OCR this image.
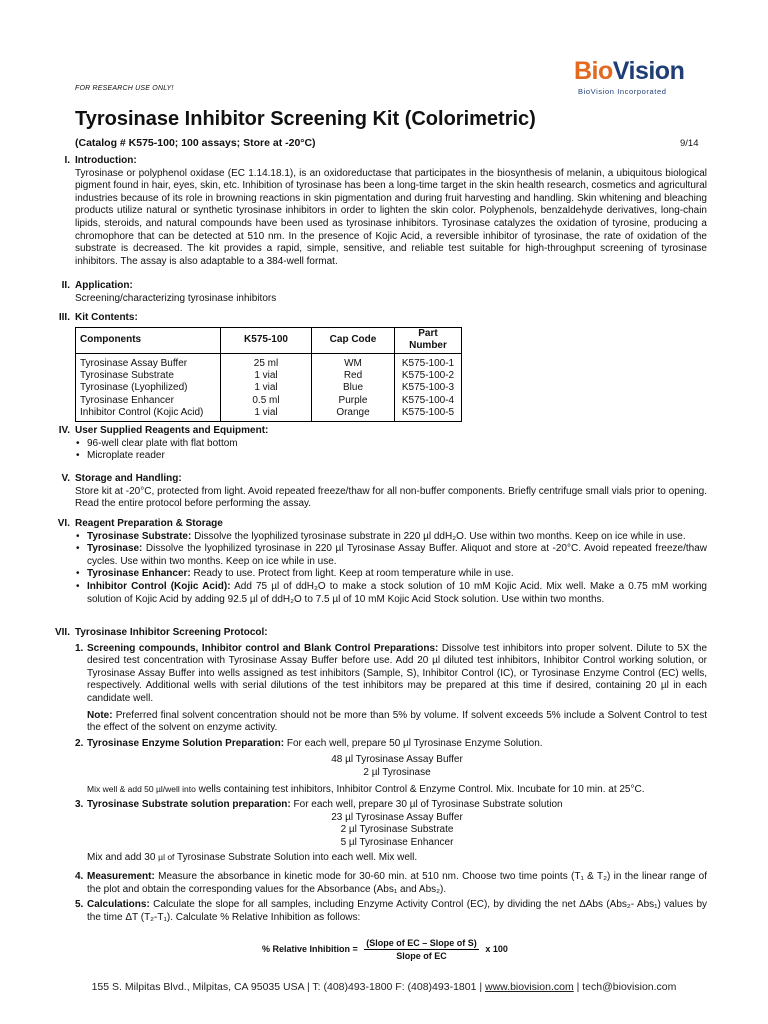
FOR RESEARCH USE ONLY!
BioVision
BioVision Incorporated
Tyrosinase Inhibitor Screening Kit (Colorimetric)
(Catalog # K575-100; 100 assays; Store at -20°C)	9/14
I. Introduction:
Tyrosinase or polyphenol oxidase (EC 1.14.18.1), is an oxidoreductase that participates in the biosynthesis of melanin, a ubiquitous biological pigment found in hair, eyes, skin, etc. Inhibition of tyrosinase has been a long-time target in the skin health research, cosmetics and agricultural industries because of its role in browning reactions in skin pigmentation and during fruit harvesting and handling. Skin whitening and bleaching products utilize natural or synthetic tyrosinase inhibitors in order to lighten the skin color. Polyphenols, benzaldehyde derivatives, long-chain lipids, steroids, and natural compounds have been used as tyrosinase inhibitors. Tyrosinase catalyzes the oxidation of tyrosine, producing a chromophore that can be detected at 510 nm. In the presence of Kojic Acid, a reversible inhibitor of tyrosinase, the rate of oxidation of the substrate is decreased. The kit provides a rapid, simple, sensitive, and reliable test suitable for high-throughput screening of tyrosinase inhibitors. The assay is also adaptable to a 384-well format.
II. Application:
Screening/characterizing tyrosinase inhibitors
III. Kit Contents:
Components	K575-100	Cap Code	Part Number
Tyrosinase Assay Buffer	25 ml	WM	K575-100-1
Tyrosinase Substrate	1 vial	Red	K575-100-2
Tyrosinase (Lyophilized)	1 vial	Blue	K575-100-3
Tyrosinase Enhancer	0.5 ml	Purple	K575-100-4
Inhibitor Control (Kojic Acid)	1 vial	Orange	K575-100-5
IV. User Supplied Reagents and Equipment:
• 96-well clear plate with flat bottom
• Microplate reader
V. Storage and Handling:
Store kit at -20°C, protected from light. Avoid repeated freeze/thaw for all non-buffer components. Briefly centrifuge small vials prior to opening. Read the entire protocol before performing the assay.
VI. Reagent Preparation & Storage
• Tyrosinase Substrate: Dissolve the lyophilized tyrosinase substrate in 220 µl ddH₂O. Use within two months. Keep on ice while in use.
• Tyrosinase: Dissolve the lyophilized tyrosinase in 220 µl Tyrosinase Assay Buffer. Aliquot and store at -20°C. Avoid repeated freeze/thaw cycles. Use within two months. Keep on ice while in use.
• Tyrosinase Enhancer: Ready to use. Protect from light. Keep at room temperature while in use.
• Inhibitor Control (Kojic Acid): Add 75 µl of ddH₂O to make a stock solution of 10 mM Kojic Acid. Mix well. Make a 0.75 mM working solution of Kojic Acid by adding 92.5 µl of ddH₂O to 7.5 µl of 10 mM Kojic Acid Stock solution. Use within two months.
VII. Tyrosinase Inhibitor Screening Protocol:
1. Screening compounds, Inhibitor control and Blank Control Preparations: Dissolve test inhibitors into proper solvent. Dilute to 5X the desired test concentration with Tyrosinase Assay Buffer before use. Add 20 µl diluted test inhibitors, Inhibitor Control working solution, or Tyrosinase Assay Buffer into wells assigned as test inhibitors (Sample, S), Inhibitor Control (IC), or Tyrosinase Enzyme Control (EC) wells, respectively. Additional wells with serial dilutions of the test inhibitors may be prepared at this time if desired, containing 20 µl in each candidate well.
Note: Preferred final solvent concentration should not be more than 5% by volume. If solvent exceeds 5% include a Solvent Control to test the effect of the solvent on enzyme activity.
2. Tyrosinase Enzyme Solution Preparation: For each well, prepare 50 µl Tyrosinase Enzyme Solution.
48 µl Tyrosinase Assay Buffer
2 µl Tyrosinase
Mix well & add 50 µl/well into wells containing test inhibitors, Inhibitor Control & Enzyme Control. Mix. Incubate for 10 min. at 25°C.
3. Tyrosinase Substrate solution preparation: For each well, prepare 30 µl of Tyrosinase Substrate solution
23 µl Tyrosinase Assay Buffer
2 µl Tyrosinase Substrate
5 µl Tyrosinase Enhancer
Mix and add 30 µl of Tyrosinase Substrate Solution into each well. Mix well.
4. Measurement: Measure the absorbance in kinetic mode for 30-60 min. at 510 nm. Choose two time points (T₁ & T₂) in the linear range of the plot and obtain the corresponding values for the Absorbance (Abs₁ and Abs₂).
5. Calculations: Calculate the slope for all samples, including Enzyme Activity Control (EC), by dividing the net ΔAbs (Abs₂- Abs₁) values by the time ΔT (T₂-T₁). Calculate % Relative Inhibition as follows:
% Relative Inhibition = $\frac{\text{(Slope of EC – Slope of S)}}{\text{Slope of EC}}$ x 100
155 S. Milpitas Blvd., Milpitas, CA 95035 USA | T: (408)493-1800 F: (408)493-1801 | www.biovision.com | tech@biovision.com
